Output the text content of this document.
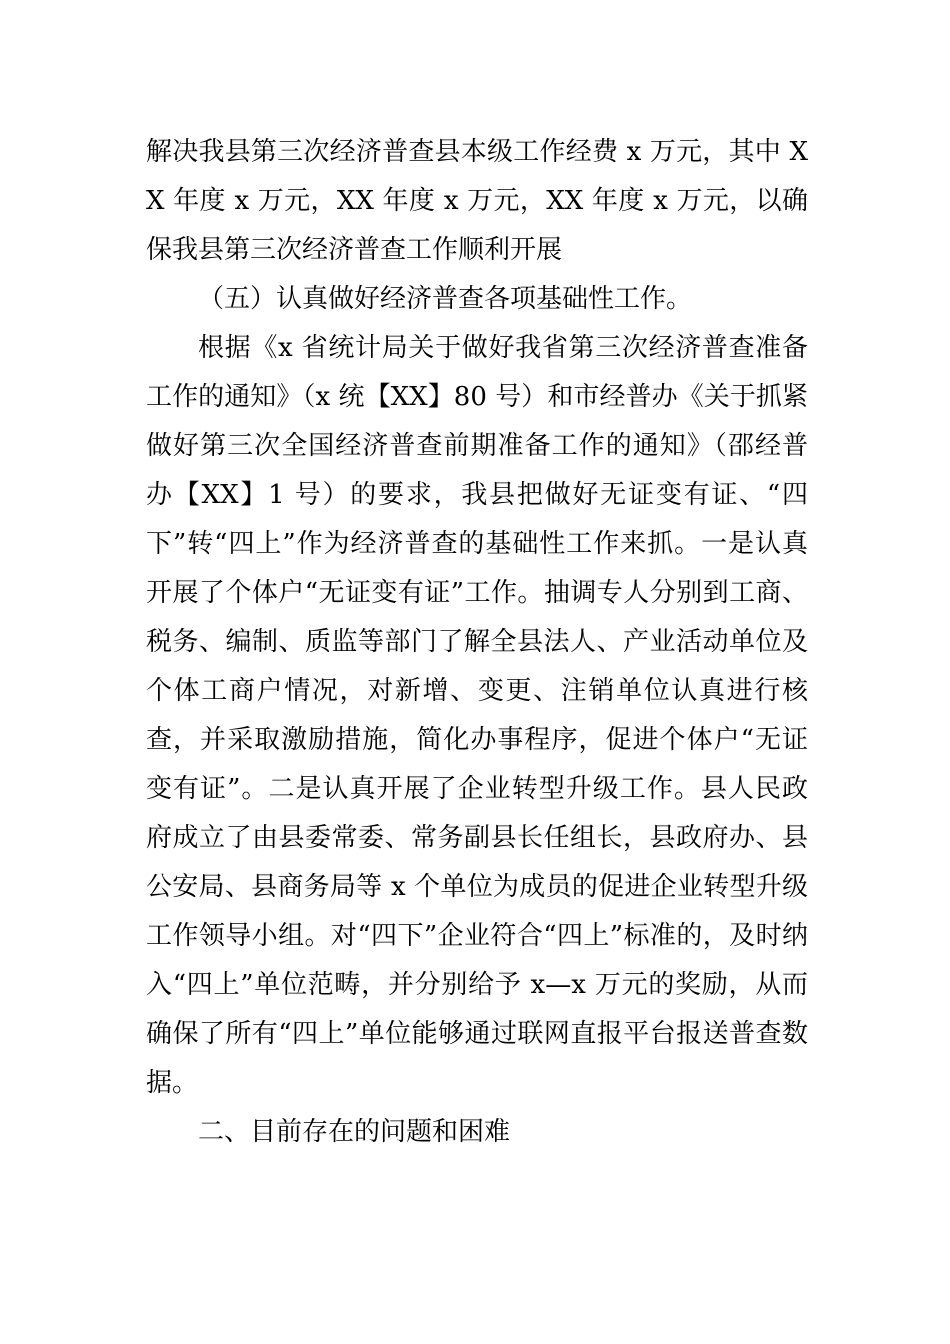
解决我县第三次经济普查县本级工作经费 x 万元，其中 XX 年度 x 万元，XX 年度 x 万元，XX 年度 x 万元，以确保我县第三次经济普查工作顺利开展

（五）认真做好经济普查各项基础性工作。

根据《x 省统计局关于做好我省第三次经济普查准备工作的通知》（x 统【XX】80 号）和市经普办《关于抓紧做好第三次全国经济普查前期准备工作的通知》（邵经普办【XX】1 号）的要求，我县把做好无证变有证、“四下”转“四上”作为经济普查的基础性工作来抓。一是认真开展了个体户“无证变有证”工作。抽调专人分别到工商、税务、编制、质监等部门了解全县法人、产业活动单位及个体工商户情况，对新增、变更、注销单位认真进行核查，并采取激励措施，简化办事程序，促进个体户“无证变有证”。二是认真开展了企业转型升级工作。县人民政府成立了由县委常委、常务副县长任组长，县政府办、县公安局、县商务局等 x 个单位为成员的促进企业转型升级工作领导小组。对“四下”企业符合“四上”标准的，及时纳入“四上”单位范畴，并分别给予 x—x 万元的奖励，从而确保了所有“四上”单位能够通过联网直报平台报送普查数据。

二、目前存在的问题和困难
